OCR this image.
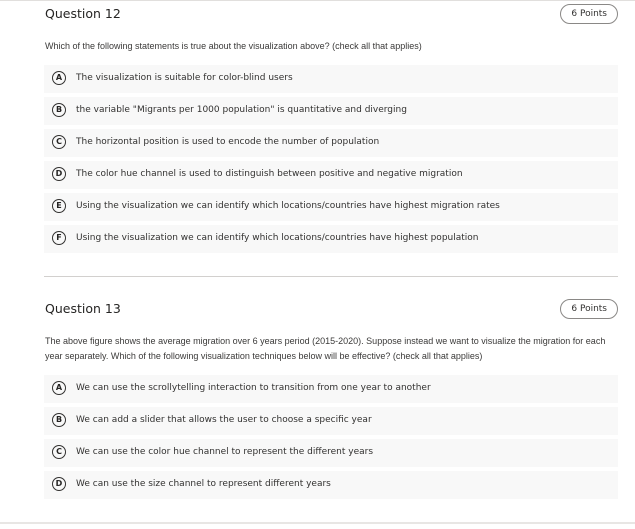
Question 12	6 Points
Which of the following statements is true about the visualization above? (check all that applies)
A	The visualization is suitable for color-blind users
B	the variable "Migrants per 1000 population" is quantitative and diverging
C	The horizontal position is used to encode the number of population
D	The color hue channel is used to distinguish between positive and negative migration
E	Using the visualization we can identify which locations/countries have highest migration rates
F	Using the visualization we can identify which locations/countries have highest population
Question 13	6 Points
The above figure shows the average migration over 6 years period (2015-2020). Suppose instead we want to visualize the migration for each year separately. Which of the following visualization techniques below will be effective? (check all that applies)
A	We can use the scrollytelling interaction to transition from one year to another
B	We can add a slider that allows the user to choose a specific year
C	We can use the color hue channel to represent the different years
D	We can use the size channel to represent different years
